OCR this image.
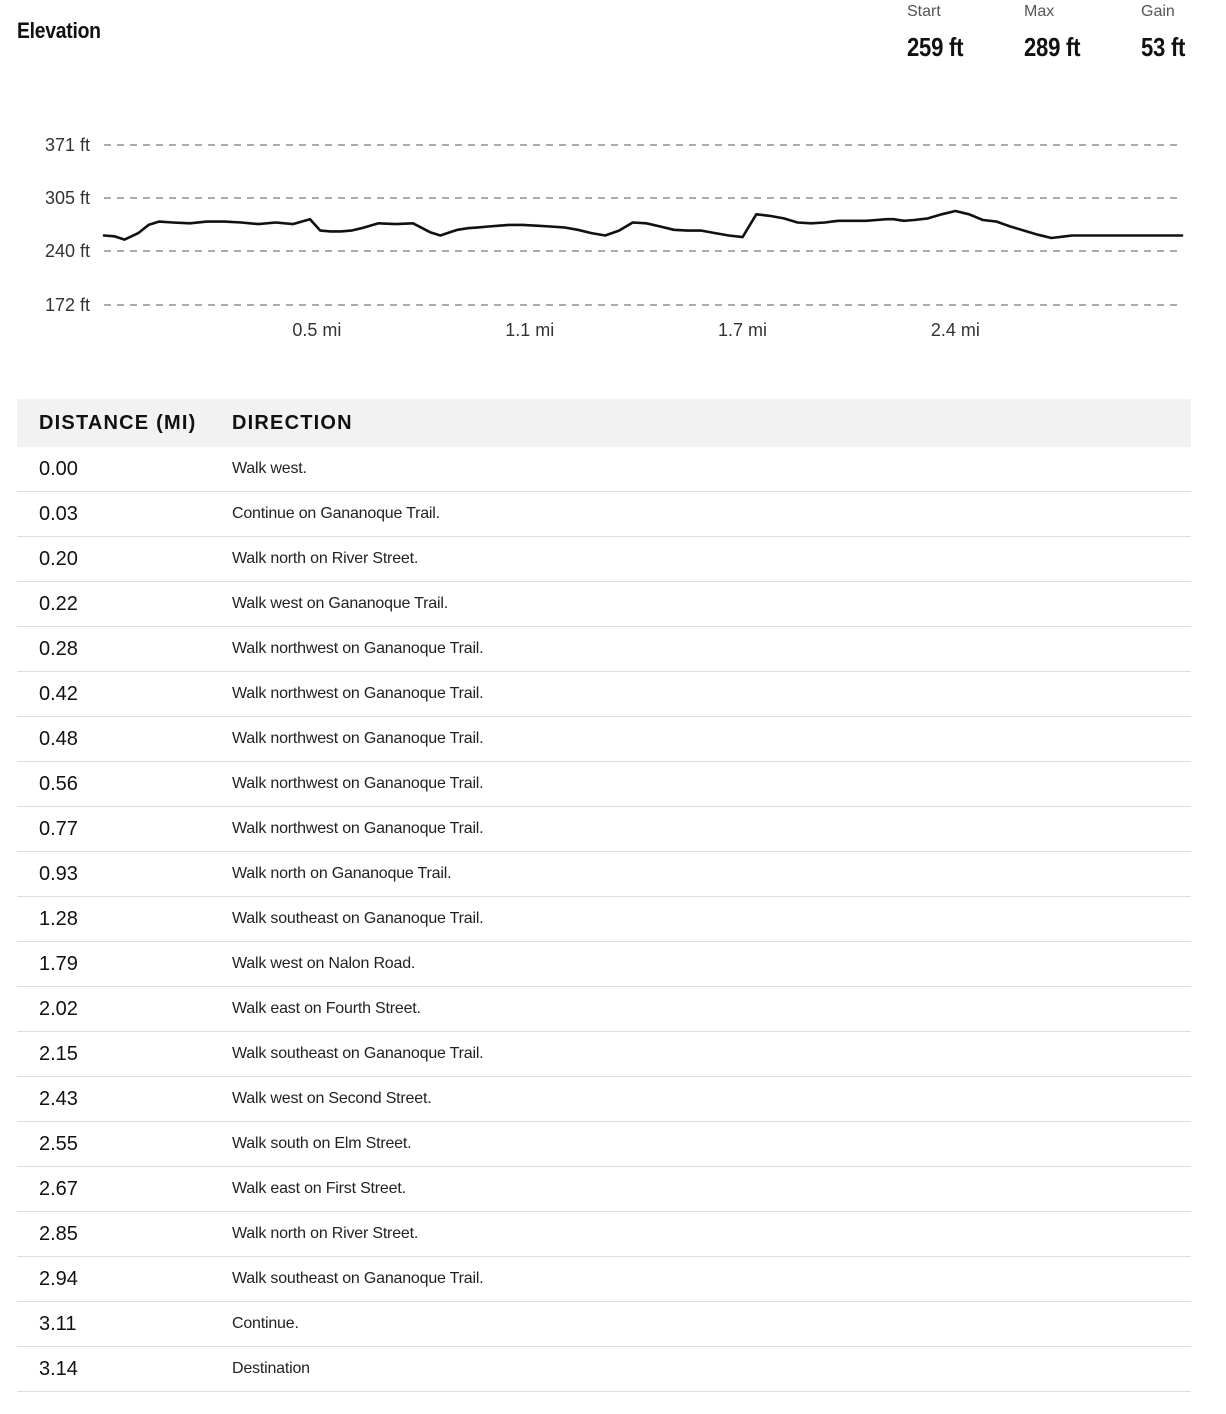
Elevation
Start
259 ft
Max
289 ft
Gain
53 ft
371 ft
305 ft
240 ft
172 ft
0.5 mi	1.1 mi	1.7 mi	2.4 mi
DISTANCE (MI)	DIRECTION
0.00	Walk west.
0.03	Continue on Gananoque Trail.
0.20	Walk north on River Street.
0.22	Walk west on Gananoque Trail.
0.28	Walk northwest on Gananoque Trail.
0.42	Walk northwest on Gananoque Trail.
0.48	Walk northwest on Gananoque Trail.
0.56	Walk northwest on Gananoque Trail.
0.77	Walk northwest on Gananoque Trail.
0.93	Walk north on Gananoque Trail.
1.28	Walk southeast on Gananoque Trail.
1.79	Walk west on Nalon Road.
2.02	Walk east on Fourth Street.
2.15	Walk southeast on Gananoque Trail.
2.43	Walk west on Second Street.
2.55	Walk south on Elm Street.
2.67	Walk east on First Street.
2.85	Walk north on River Street.
2.94	Walk southeast on Gananoque Trail.
3.11	Continue.
3.14	Destination
